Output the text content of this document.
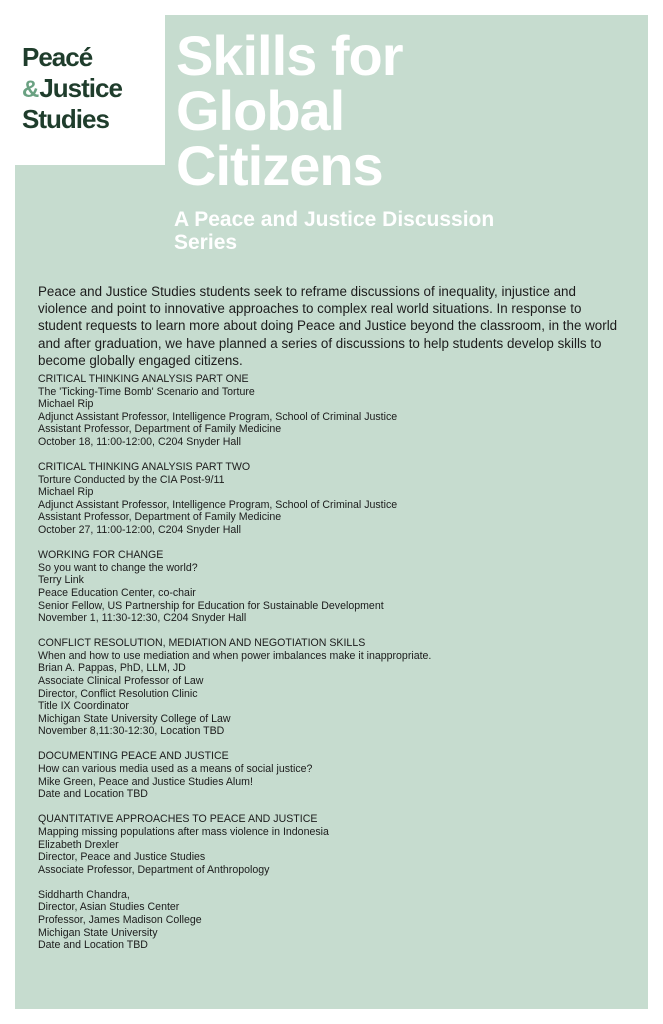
Peacé
&Justice
Studies
Skills for
Global
Citizens
A Peace and Justice Discussion
Series
Peace and Justice Studies students seek to reframe discussions of inequality, injustice and violence and point to innovative approaches to complex real world situations. In response to student requests to learn more about doing Peace and Justice beyond the classroom, in the world and after graduation, we have planned a series of discussions to help students develop skills to become globally engaged citizens.
CRITICAL THINKING ANALYSIS PART ONE
The 'Ticking-Time Bomb' Scenario and Torture
Michael Rip
Adjunct Assistant Professor, Intelligence Program, School of Criminal Justice
Assistant Professor, Department of Family Medicine
October 18, 11:00-12:00, C204 Snyder Hall
CRITICAL THINKING ANALYSIS PART TWO
Torture Conducted by the CIA Post-9/11
Michael Rip
Adjunct Assistant Professor, Intelligence Program, School of Criminal Justice
Assistant Professor, Department of Family Medicine
October 27, 11:00-12:00, C204 Snyder Hall
WORKING FOR CHANGE
So you want to change the world?
Terry Link
Peace Education Center, co-chair
Senior Fellow, US Partnership for Education for Sustainable Development
November 1, 11:30-12:30, C204 Snyder Hall
CONFLICT RESOLUTION, MEDIATION AND NEGOTIATION SKILLS
When and how to use mediation and when power imbalances make it inappropriate.
Brian A. Pappas, PhD, LLM, JD
Associate Clinical Professor of Law
Director, Conflict Resolution Clinic
Title IX Coordinator
Michigan State University College of Law
November 8,11:30-12:30, Location TBD
DOCUMENTING PEACE AND JUSTICE
How can various media used as a means of social justice?
Mike Green, Peace and Justice Studies Alum!
Date and Location TBD
QUANTITATIVE APPROACHES TO PEACE AND JUSTICE
Mapping missing populations after mass violence in Indonesia
Elizabeth Drexler
Director, Peace and Justice Studies
Associate Professor, Department of Anthropology
Siddharth Chandra,
Director, Asian Studies Center
Professor, James Madison College
Michigan State University
Date and Location TBD
